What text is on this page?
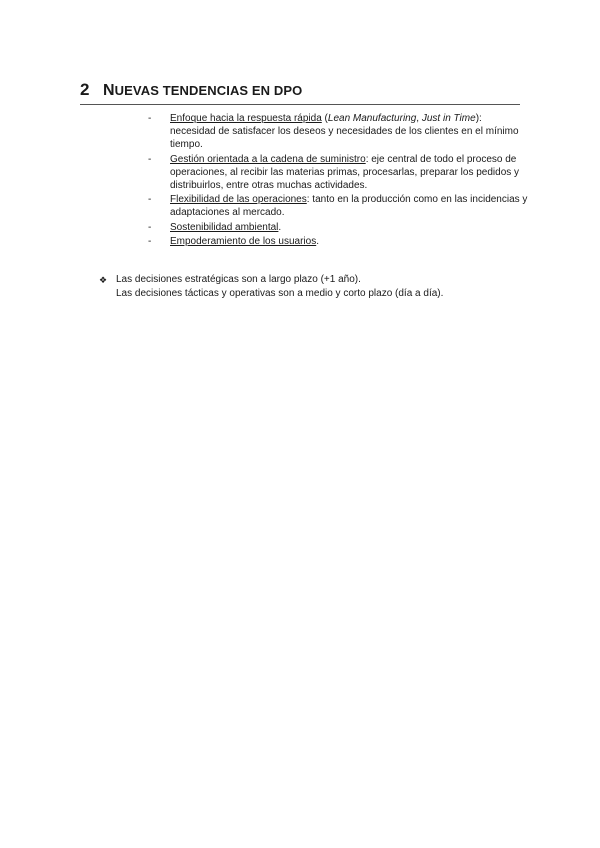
2 NUEVAS TENDENCIAS EN DPO
- Enfoque hacia la respuesta rápida (Lean Manufacturing, Just in Time): necesidad de satisfacer los deseos y necesidades de los clientes en el mínimo tiempo.
- Gestión orientada a la cadena de suministro: eje central de todo el proceso de operaciones, al recibir las materias primas, procesarlas, preparar los pedidos y distribuirlos, entre otras muchas actividades.
- Flexibilidad de las operaciones: tanto en la producción como en las incidencias y adaptaciones al mercado.
- Sostenibilidad ambiental.
- Empoderamiento de los usuarios.
❖ Las decisiones estratégicas son a largo plazo (+1 año).
Las decisiones tácticas y operativas son a medio y corto plazo (día a día).
